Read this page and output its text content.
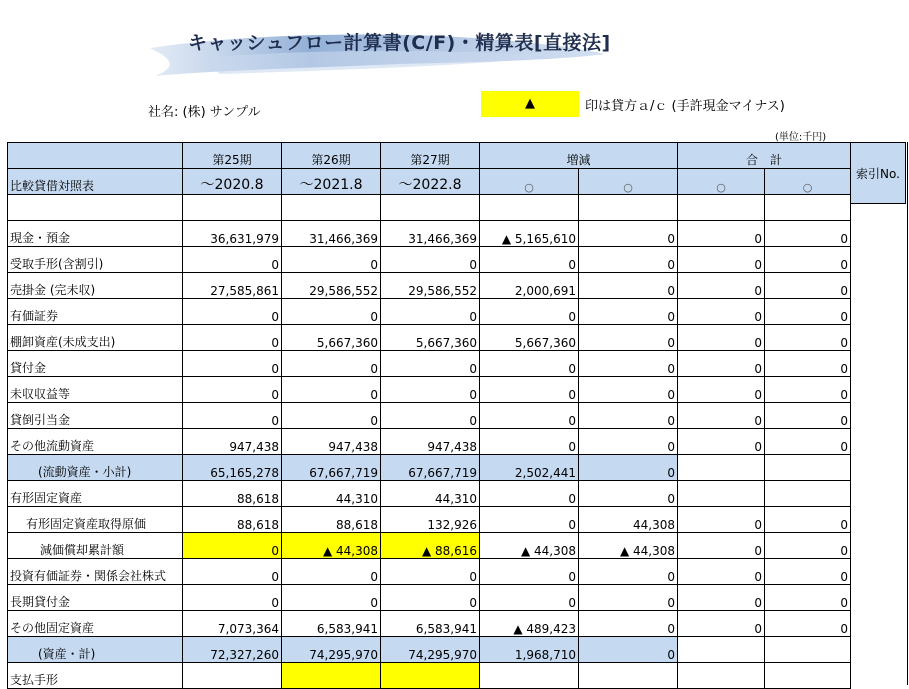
キャッシュフロー計算書(C/F)・精算表[直接法]
社名: (株) サンプル
▲	印は貸方ａ/ｃ (手許現金マイナス)
(単位:千円)
索引No.
	第25期	第26期	第27期	増減		合　計	
比較貸借対照表	～2020.8	～2021.8	～2022.8	○	○	○	○

現金・預金	36,631,979	31,466,369	31,466,369	▲ 5,165,610	0	0	0
受取手形(含割引)	0	0	0	0	0	0	0
売掛金 (完未収)	27,585,861	29,586,552	29,586,552	2,000,691	0	0	0
有価証券	0	0	0	0	0	0	0
棚卸資産(未成支出)	0	5,667,360	5,667,360	5,667,360	0	0	0
貸付金	0	0	0	0	0	0	0
未収収益等	0	0	0	0	0	0	0
貸倒引当金	0	0	0	0	0	0	0
その他流動資産	947,438	947,438	947,438	0	0	0	0
(流動資産・小計)	65,165,278	67,667,719	67,667,719	2,502,441	0		
有形固定資産	88,618	44,310	44,310	0	0		
有形固定資産取得原価	88,618	88,618	132,926	0	44,308	0	0
減価償却累計額	0	▲ 44,308	▲ 88,616	▲ 44,308	▲ 44,308	0	0
投資有価証券・関係会社株式	0	0	0	0	0	0	0
長期貸付金	0	0	0	0	0	0	0
その他固定資産	7,073,364	6,583,941	6,583,941	▲ 489,423	0	0	0
(資産・計)	72,327,260	74,295,970	74,295,970	1,968,710	0		
支払手形							
